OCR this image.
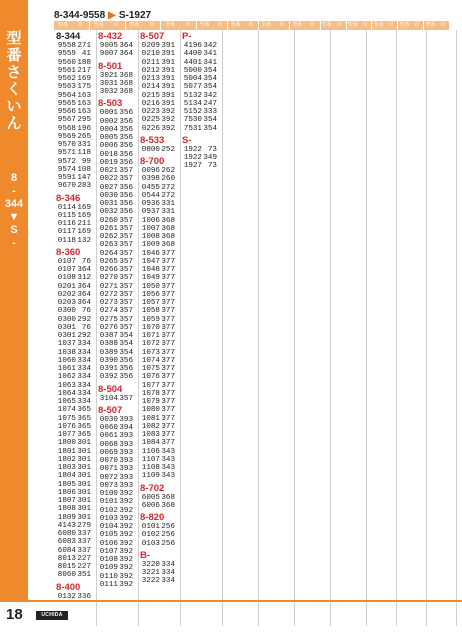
型
番
さ
く
い
ん
8
-
344
▼
S
-
8-344-9558 ▶ S-1927
型番	頁	型番	頁	型番	頁	型番	頁	型番	頁	型番	頁	型番	頁	型番	頁	型番 頁	型番 頁	型番 頁	型番 頁	型番 頁
8-344
9558 271
9559 41
9560 188
9561 217
9562 169
9563 175
9564 163
9565 163
9566 163
9567 295
9568 196
9569 265
9570 331
9571 118
9572 99
9574 108
9591 147
9670 283
8-346
0114 169
0115 169
0116 211
0117 169
0118 132
8-360
0107 76
0107 364
0108 312
0201 364
0202 364
0203 364
0300 76
0300 292
0301 76
0301 292
1037 334
1038 334
1060 334
1061 334
1062 334
1063 334
1064 334
1065 334
1074 365
1075 365
1076 365
1077 365
1800 301
1801 301
1802 301
1803 301
1804 301
1805 301
1806 301
1807 301
1808 301
1809 301
4143 279
6080 337
6083 337
6084 337
8013 227
8015 227
8060 351
8-400
0132 336
8-432
9005 364
9007 364
8-501
3021 368
3031 368
3032 368
8-503
0001 356
0002 356
0004 356
0005 356
0006 356
0018 356
0019 356
0021 357
0022 357
0027 356
0030 356
0031 356
0032 356
0260 357
0261 357
0262 357
0263 357
0264 357
0265 357
0266 357
0270 357
0271 357
0272 357
0273 357
0274 357
0275 357
0276 357
0387 354
0388 354
0389 354
0390 356
0391 356
0392 356
8-504
3104 357
8-507
0030 393
0060 394
0061 393
0068 393
0069 393
0070 393
0071 393
0072 393
0073 393
0100 392
0101 392
0102 392
0103 392
0104 392
0105 392
0106 392
0107 392
0108 392
0109 392
0110 392
0111 392
8-507
0209 391
0210 391
0211 391
0212 391
0213 391
0214 391
0215 391
0216 391
0223 392
0225 392
0226 392
8-533
0800 252
8-700
0096 262
0398 260
0455 272
0544 272
0936 331
0937 331
1006 368
1007 368
1008 368
1009 368
1046 377
1047 377
1048 377
1049 377
1050 377
1056 377
1057 377
1058 377
1059 377
1070 377
1071 377
1072 377
1073 377
1074 377
1075 377
1076 377
1077 377
1078 377
1079 377
1080 377
1081 377
1082 377
1083 377
1084 377
1106 343
1107 343
1108 343
1109 343
8-702
6005 368
6006 368
8-820
0101 256
0102 256
0103 256
B-
3220 334
3221 334
3222 334
P-
4196 342
4400 341
4401 341
5000 354
5004 354
5077 354
5132 342
5134 247
5152 333
7530 354
7531 354
S-
1922 73
1922 349
1927 73
18	UCHIDA
